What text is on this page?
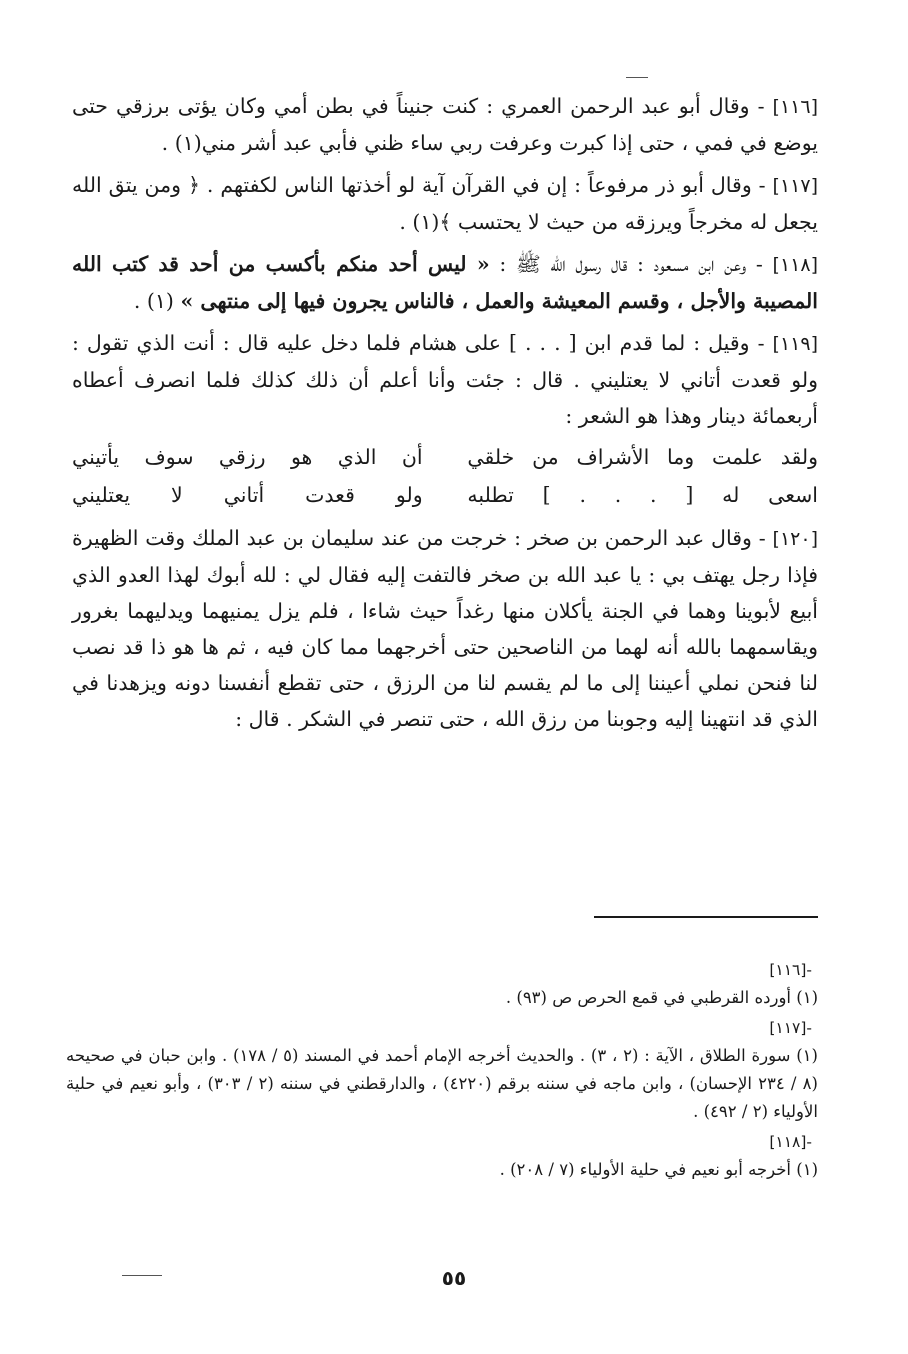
[١١٦] - وقال أبو عبد الرحمن العمري : كنت جنيناً في بطن أمي وكان يؤتى برزقي حتى يوضع في فمي ، حتى إذا كبرت وعرفت ربي ساء ظني فأبي عبد أشر مني(١) .

[١١٧] - وقال أبو ذر مرفوعاً : إن في القرآن آية لو أخذتها الناس لكفتهم . ﴿ ومن يتق الله يجعل له مخرجاً ويرزقه من حيث لا يحتسب ﴾(١) .

[١١٨] - وعن ابن مسعود : قال رسول الله ﷺ : « ليس أحد منكم بأكسب من أحد قد كتب الله المصيبة والأجل ، وقسم المعيشة والعمل ، فالناس يجرون فيها إلى منتهى » (١) .

[١١٩] - وقيل : لما قدم ابن [ . . . ] على هشام فلما دخل عليه قال : أنت الذي تقول : ولو قعدت أتاني لا يعتليني . قال : جئت وأنا أعلم أن ذلك كذلك فلما انصرف أعطاه أربعمائة دينار وهذا هو الشعر :

ولقد علمت وما الأشراف من خلقي
أن الذي هو رزقي سوف يأتيني
اسعى له [ . . . ] تطلبه
ولو قعدت أتاني لا يعتليني

[١٢٠] - وقال عبد الرحمن بن صخر : خرجت من عند سليمان بن عبد الملك وقت الظهيرة فإذا رجل يهتف بي : يا عبد الله بن صخر فالتفت إليه فقال لي : لله أبوك لهذا العدو الذي أبيع لأبوينا وهما في الجنة يأكلان منها رغداً حيث شاءا ، فلم يزل يمنيهما ويدليهما بغرور ويقاسمهما بالله أنه لهما من الناصحين حتى أخرجهما مما كان فيه ، ثم ها هو ذا قد نصب لنا فنحن نملي أعيننا إلى ما لم يقسم لنا من الرزق ، حتى تقطع أنفسنا دونه ويزهدنا في الذي قد انتهينا إليه وجوبنا من رزق الله ، حتى تنصر في الشكر . قال :

-[١١٦]

(١) أورده القرطبي في قمع الحرص ص (٩٣) .

-[١١٧]

(١) سورة الطلاق ، الآية : (٢ ، ٣) . والحديث أخرجه الإمام أحمد في المسند (٥ / ١٧٨) . وابن حبان في صحيحه (٨ / ٢٣٤ الإحسان) ، وابن ماجه في سننه برقم (٤٢٢٠) ، والدارقطني في سننه (٢ / ٣٠٣) ، وأبو نعيم في حلية الأولياء (٢ / ٤٩٢) .

-[١١٨]

(١) أخرجه أبو نعيم في حلية الأولياء (٧ / ٢٠٨) .

٥٥
